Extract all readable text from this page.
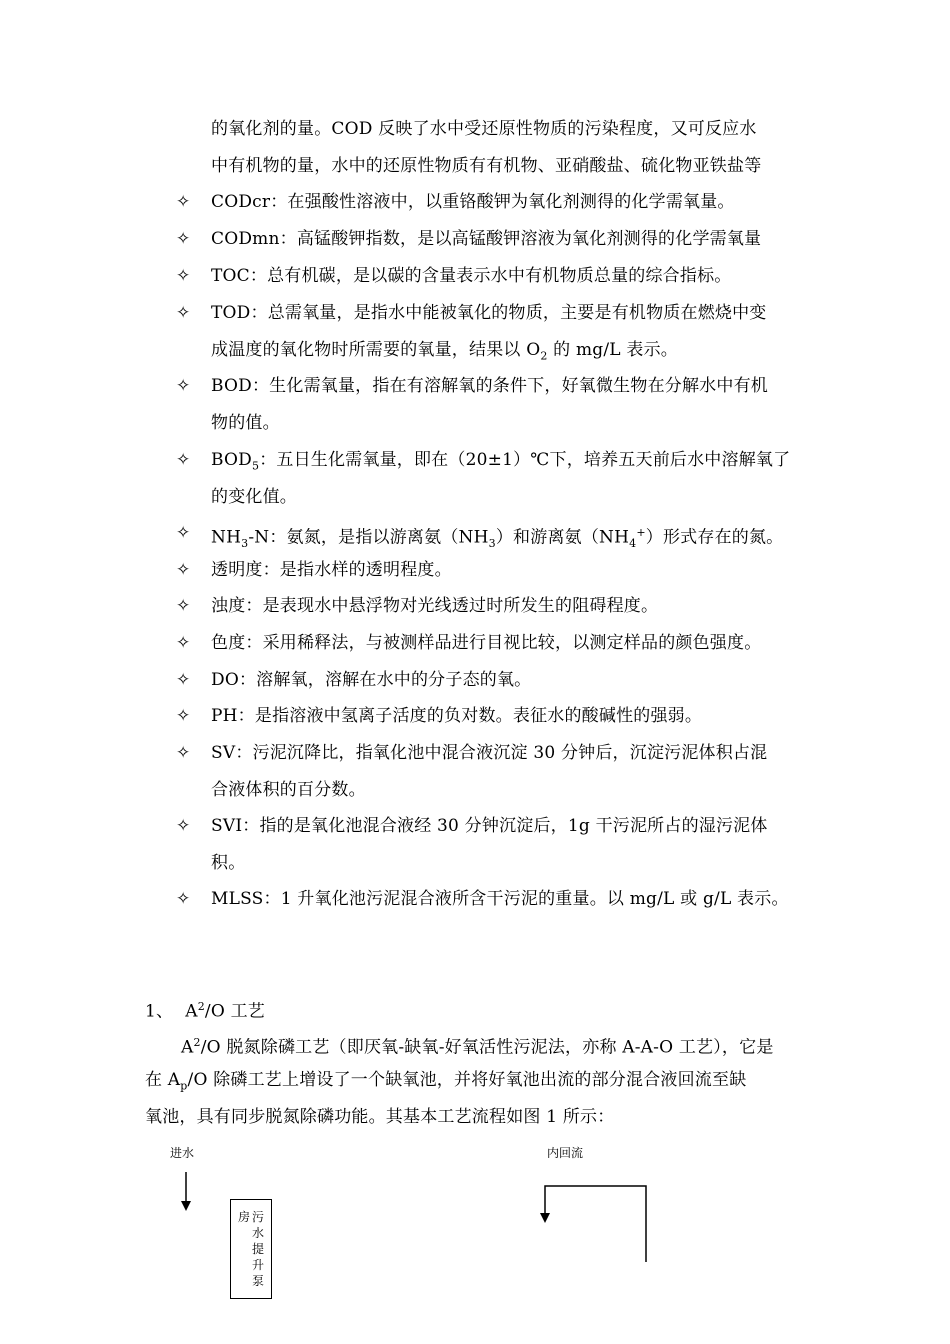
的氧化剂的量。COD 反映了水中受还原性物质的污染程度，又可反应水
中有机物的量，水中的还原性物质有有机物、亚硝酸盐、硫化物亚铁盐等
✧ CODcr：在强酸性溶液中，以重铬酸钾为氧化剂测得的化学需氧量。
✧ CODmn：高锰酸钾指数，是以高锰酸钾溶液为氧化剂测得的化学需氧量
✧ TOC：总有机碳，是以碳的含量表示水中有机物质总量的综合指标。
✧ TOD：总需氧量，是指水中能被氧化的物质，主要是有机物质在燃烧中变
成温度的氧化物时所需要的氧量，结果以 $O_2$ 的 mg/L 表示。
✧ BOD：生化需氧量，指在有溶解氧的条件下，好氧微生物在分解水中有机
物的值。
✧ $BOD_5$：五日生化需氧量，即在（20±1）℃下，培养五天前后水中溶解氧了
的变化值。
✧ $NH_3-N$：氨氮，是指以游离氨$(NH_3)$和游离氨$(NH_4^+)$形式存在的氮。
✧ 透明度：是指水样的透明程度。
✧ 浊度：是表现水中悬浮物对光线透过时所发生的阻碍程度。
✧ 色度：采用稀释法，与被测样品进行目视比较，以测定样品的颜色强度。
✧ DO：溶解氧，溶解在水中的分子态的氧。
✧ PH：是指溶液中氢离子活度的负对数。表征水的酸碱性的强弱。
✧ SV：污泥沉降比，指氧化池中混合液沉淀 30 分钟后，沉淀污泥体积占混
合液体积的百分数。
✧ SVI：指的是氧化池混合液经 30 分钟沉淀后，1g 干污泥所占的湿污泥体
积。
✧ MLSS：1 升氧化池污泥混合液所含干污泥的重量。以 mg/L 或 g/L 表示。
1、 $A^2/O$ 工艺
$A^2/O$ 脱氮除磷工艺（即厌氧-缺氧-好氧活性污泥法，亦称 A-A-O 工艺），它是
在 $A_p/O$ 除磷工艺上增设了一个缺氧池，并将好氧池出流的部分混合液回流至缺
氧池，具有同步脱氮除磷功能。其基本工艺流程如图 1 所示：
进水	内回流
房 污水提升泵
